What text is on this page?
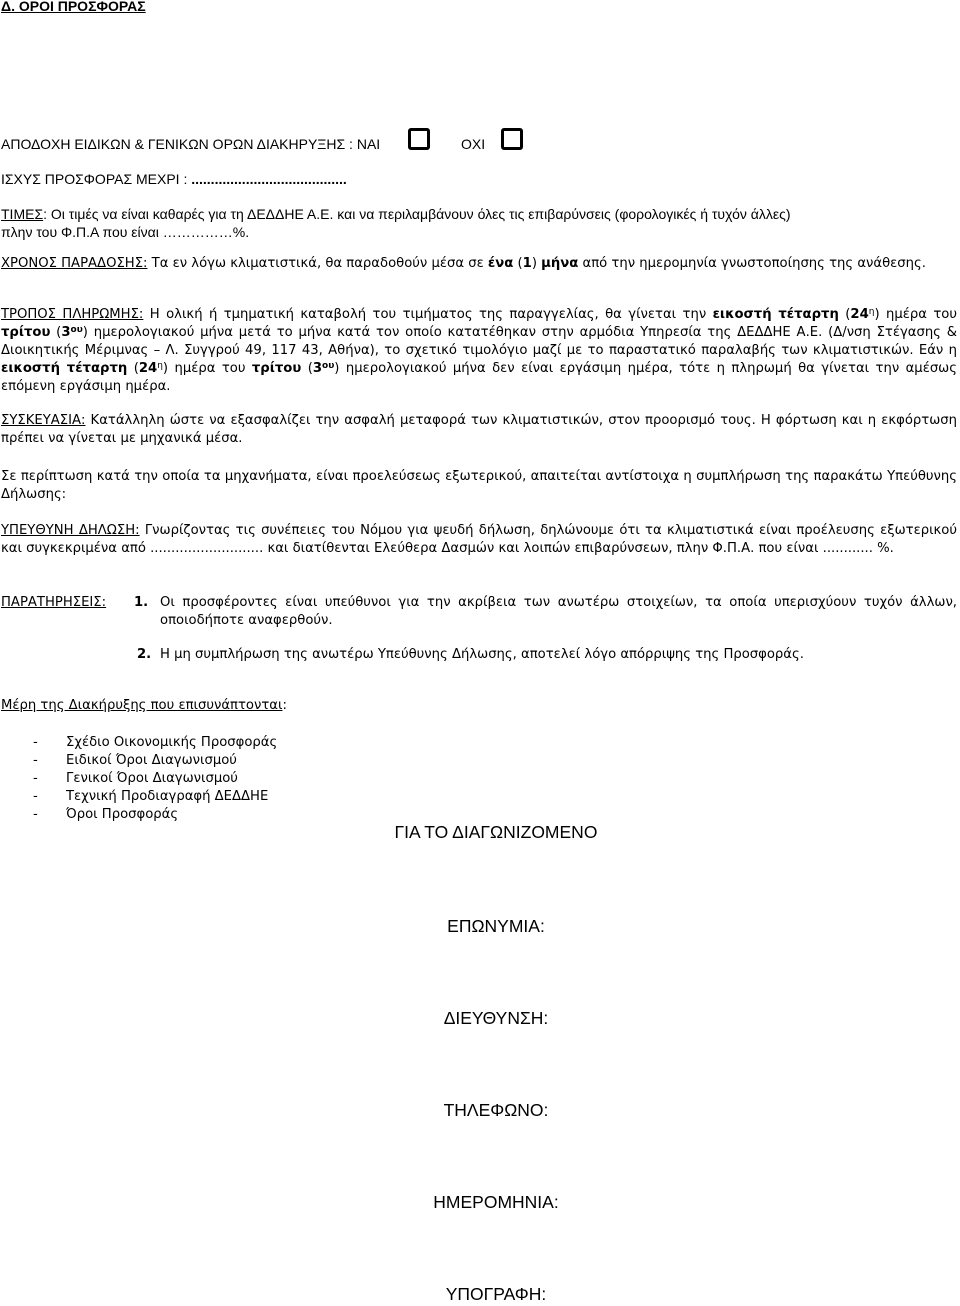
Δ. ΟΡΟΙ ΠΡΟΣΦΟΡΑΣ
ΑΠΟΔΟΧΗ ΕΙΔΙΚΩΝ & ΓΕΝΙΚΩΝ ΟΡΩΝ ΔΙΑΚΗΡΥΞΗΣ : ΝΑΙ	ΟΧΙ
ΙΣΧΥΣ ΠΡΟΣΦΟΡΑΣ ΜΕΧΡΙ : ........................................
ΤΙΜΕΣ: Οι τιμές να είναι καθαρές για τη ΔΕΔΔΗΕ Α.Ε. και να περιλαμβάνουν όλες τις επιβαρύνσεις (φορολογικές ή τυχόν άλλες)
πλην του Φ.Π.Α που είναι ……………%.
ΧΡΟΝΟΣ ΠΑΡΑΔΟΣΗΣ: Τα εν λόγω κλιματιστικά, θα παραδοθούν μέσα σε ένα (1) μήνα από την ημερομηνία γνωστοποίησης της ανάθεσης.
ΤΡΟΠΟΣ ΠΛΗΡΩΜΗΣ: Η ολική ή τμηματική καταβολή του τιμήματος της παραγγελίας, θα γίνεται την εικοστή τέταρτη $(24^\eta)$ ημέρα του τρίτου $(3^{o\upsilon})$ ημερολογιακού μήνα μετά το μήνα κατά τον οποίο κατατέθηκαν στην αρμόδια Υπηρεσία της ΔΕΔΔΗΕ Α.Ε. (Δ/νση Στέγασης & Διοικητικής Μέριμνας – Λ. Συγγρού 49, 117 43, Αθήνα), το σχετικό τιμολόγιο μαζί με το παραστατικό παραλαβής των κλιματιστικών. Εάν η εικοστή τέταρτη $(24^\eta)$ ημέρα του τρίτου $(3^{o\upsilon})$ ημερολογιακού μήνα δεν είναι εργάσιμη ημέρα, τότε η πληρωμή θα γίνεται την αμέσως επόμενη εργάσιμη ημέρα.
ΣΥΣΚΕΥΑΣΙΑ: Κατάλληλη ώστε να εξασφαλίζει την ασφαλή μεταφορά των κλιματιστικών, στον προορισμό τους. Η φόρτωση και η εκφόρτωση πρέπει να γίνεται με μηχανικά μέσα.
Σε περίπτωση κατά την οποία τα μηχανήματα, είναι προελεύσεως εξωτερικού, απαιτείται αντίστοιχα η συμπλήρωση της παρακάτω Υπεύθυνης Δήλωσης:
ΥΠΕΥΘΥΝΗ ΔΗΛΩΣΗ: Γνωρίζοντας τις συνέπειες του Νόμου για ψευδή δήλωση, δηλώνουμε ότι τα κλιματιστικά είναι προέλευσης εξωτερικού και συγκεκριμένα από ........................... και διατίθενται Ελεύθερα Δασμών και λοιπών επιβαρύνσεων, πλην Φ.Π.Α. που είναι ............ %.
ΠΑΡΑΤΗΡΗΣΕΙΣ: 1. Οι προσφέροντες είναι υπεύθυνοι για την ακρίβεια των ανωτέρω στοιχείων, τα οποία υπερισχύουν τυχόν άλλων, οποιοδήποτε αναφερθούν.
2. Η μη συμπλήρωση της ανωτέρω Υπεύθυνης Δήλωσης, αποτελεί λόγο απόρριψης της Προσφοράς.
Μέρη της Διακήρυξης που επισυνάπτονται:
- Σχέδιο Οικονομικής Προσφοράς
- Ειδικοί Όροι Διαγωνισμού
- Γενικοί Όροι Διαγωνισμού
- Τεχνική Προδιαγραφή ΔΕΔΔΗΕ
- Όροι Προσφοράς
ΓΙΑ ΤΟ ΔΙΑΓΩΝΙΖΟΜΕΝΟ
ΕΠΩΝΥΜΙΑ:
ΔΙΕΥΘΥΝΣΗ:
ΤΗΛΕΦΩΝΟ:
ΗΜΕΡΟΜΗΝΙΑ:
ΥΠΟΓΡΑΦΗ:
